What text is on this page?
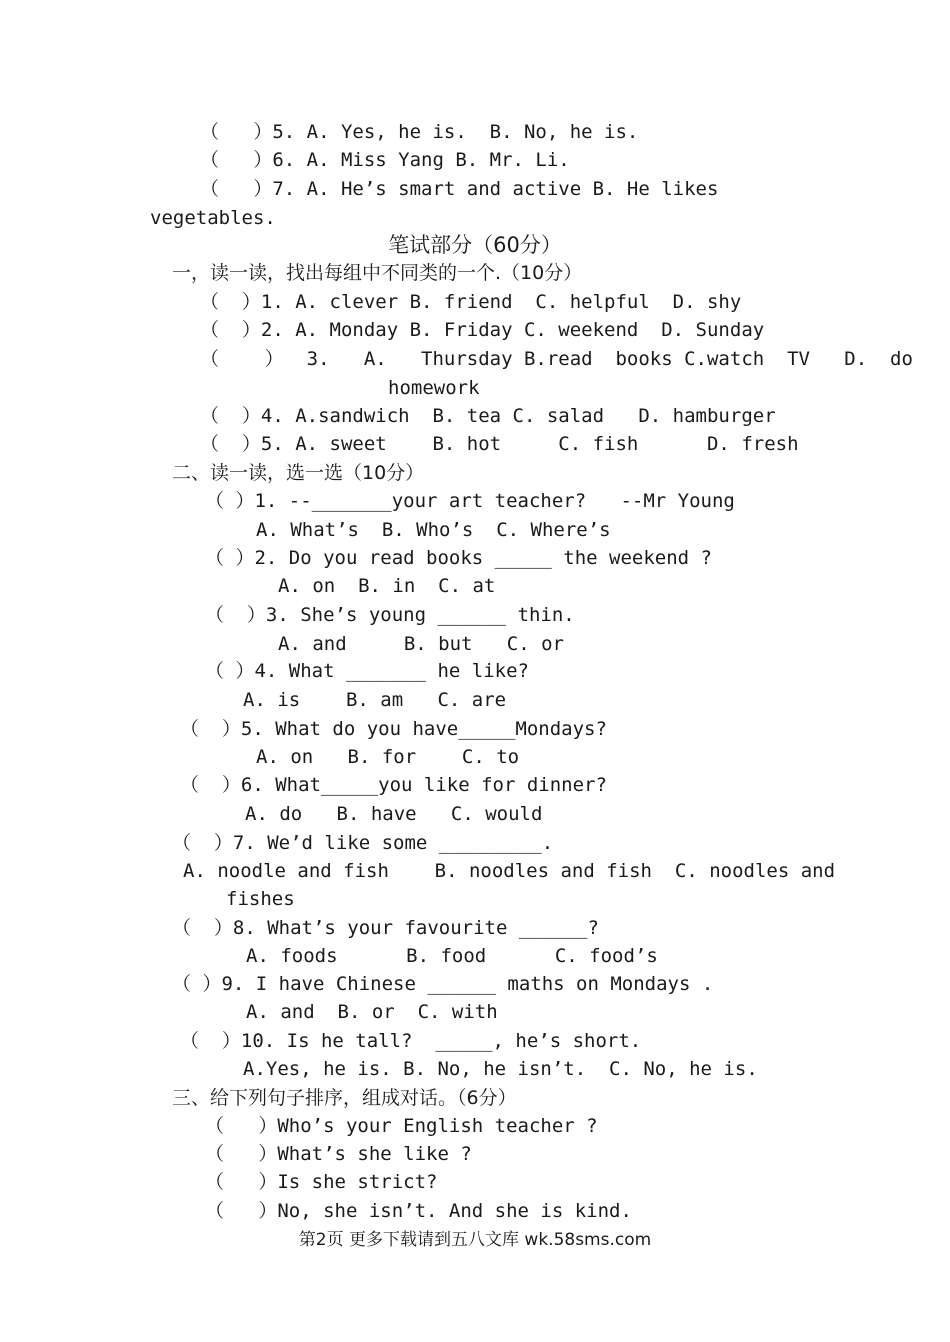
（   ）5. A. Yes, he is.  B. No, he is.
（   ）6. A. Miss Yang B. Mr. Li.
（   ）7. A. He’s smart and active B. He likes
vegetables.
笔试部分（60分）
一，读一读，找出每组中不同类的一个.（10分）
（  ）1. A. clever B. friend  C. helpful  D. shy
（  ）2. A. Monday B. Friday C. weekend  D. Sunday
（    ）  3.   A.   Thursday B.read  books C.watch  TV   D.  do
homework
（  ）4. A.sandwich  B. tea C. salad   D. hamburger
（  ）5. A. sweet    B. hot     C. fish      D. fresh
二、读一读，选一选（10分）
（ ）1. --_______your art teacher?   --Mr Young
A. What’s  B. Who’s  C. Where’s
（ ）2. Do you read books _____ the weekend ?
A. on  B. in  C. at
（  ）3. She’s young ______ thin.
A. and     B. but   C. or
（ ）4. What _______ he like?
A. is    B. am   C. are
（  ）5. What do you have_____Mondays?
A. on   B. for    C. to
（  ）6. What_____you like for dinner?
A. do   B. have   C. would
（  ）7. We’d like some _________.
A. noodle and fish    B. noodles and fish  C. noodles and
fishes
（  ）8. What’s your favourite ______?
A. foods      B. food      C. food’s
（ ）9. I have Chinese ______ maths on Mondays .
A. and  B. or  C. with
（  ）10. Is he tall?  _____, he’s short.
A.Yes, he is. B. No, he isn’t.  C. No, he is.
三、给下列句子排序，组成对话。（6分）
（   ）Who’s your English teacher ?
（   ）What’s she like ?
（   ）Is she strict?
（   ）No, she isn’t. And she is kind.
第2页 更多下载请到五八文库 wk.58sms.com
